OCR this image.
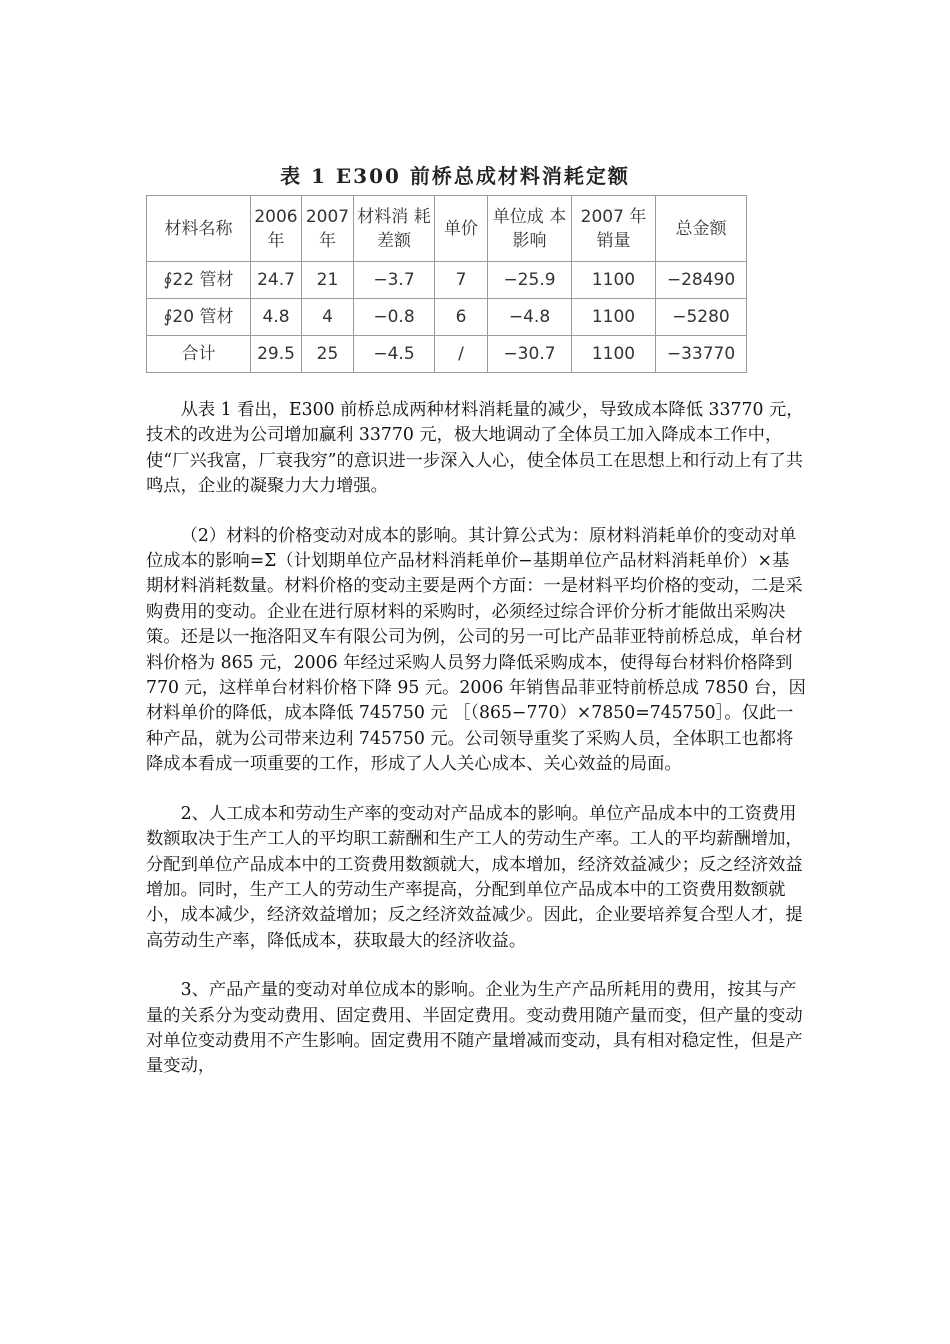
表 1 E300 前桥总成材料消耗定额
材料名称	2006 年	2007 年	材料消 耗差额	单价	单位成 本影响	2007 年 销量	总金额
∮22 管材	24.7	21	−3.7	7	−25.9	1100	−28490
∮20 管材	4.8	4	−0.8	6	−4.8	1100	−5280
合计	29.5	25	−4.5	/	−30.7	1100	−33770

从表 1 看出，E300 前桥总成两种材料消耗量的减少，导致成本降低 33770 元，技术的改进为公司增加赢利 33770 元，极大地调动了全体员工加入降成本工作中，使“厂兴我富，厂衰我穷”的意识进一步深入人心，使全体员工在思想上和行动上有了共鸣点，企业的凝聚力大力增强。

（2）材料的价格变动对成本的影响。其计算公式为：原材料消耗单价的变动对单位成本的影响=Σ（计划期单位产品材料消耗单价−基期单位产品材料消耗单价）×基期材料消耗数量。材料价格的变动主要是两个方面：一是材料平均价格的变动，二是采购费用的变动。企业在进行原材料的采购时，必须经过综合评价分析才能做出采购决策。还是以一拖洛阳叉车有限公司为例，公司的另一可比产品菲亚特前桥总成，单台材料价格为 865 元，2006 年经过采购人员努力降低采购成本，使得每台材料价格降到 770 元，这样单台材料价格下降 95 元。2006 年销售品菲亚特前桥总成 7850 台，因材料单价的降低，成本降低 745750 元 ［（865−770）×7850=745750］。仅此一种产品，就为公司带来边利 745750 元。公司领导重奖了采购人员，全体职工也都将降成本看成一项重要的工作，形成了人人关心成本、关心效益的局面。

2、人工成本和劳动生产率的变动对产品成本的影响。单位产品成本中的工资费用数额取决于生产工人的平均职工薪酬和生产工人的劳动生产率。工人的平均薪酬增加，分配到单位产品成本中的工资费用数额就大，成本增加，经济效益减少；反之经济效益增加。同时，生产工人的劳动生产率提高，分配到单位产品成本中的工资费用数额就小，成本减少，经济效益增加；反之经济效益减少。因此，企业要培养复合型人才，提高劳动生产率，降低成本，获取最大的经济收益。

3、产品产量的变动对单位成本的影响。企业为生产产品所耗用的费用，按其与产量的关系分为变动费用、固定费用、半固定费用。变动费用随产量而变，但产量的变动对单位变动费用不产生影响。固定费用不随产量增减而变动，具有相对稳定性，但是产量变动，
